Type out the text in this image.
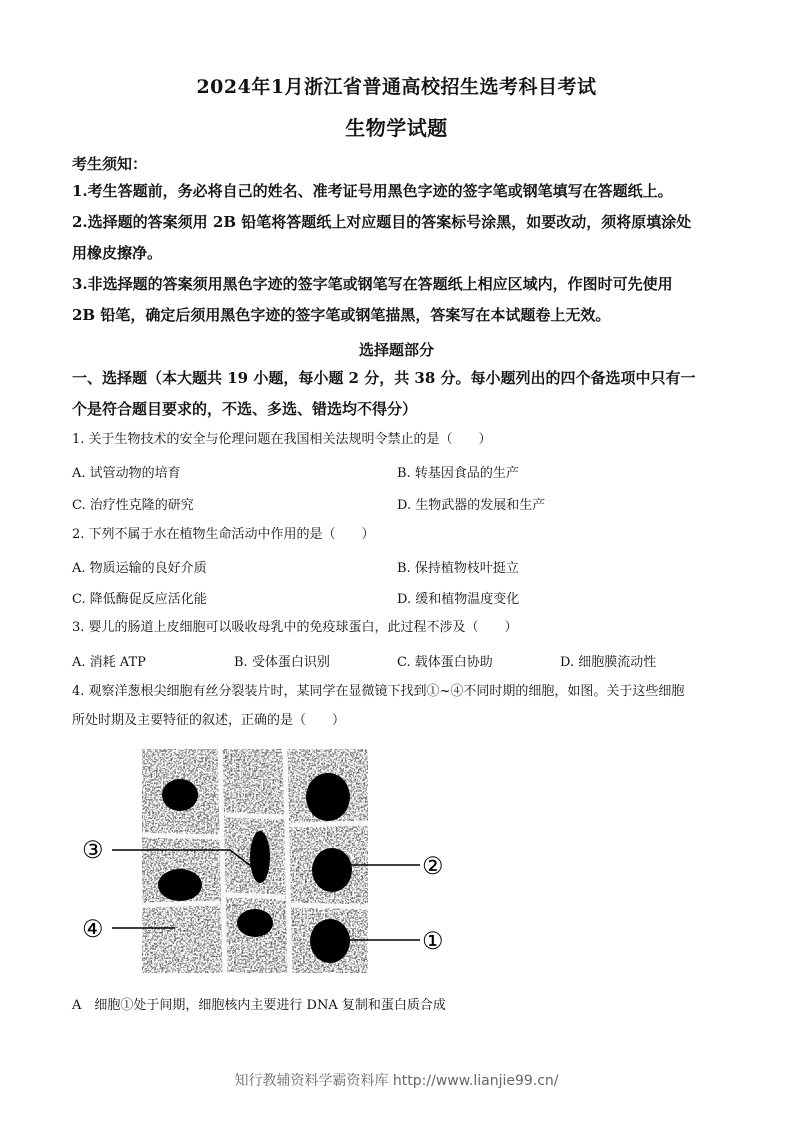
2024年1月浙江省普通高校招生选考科目考试
生物学试题
考生须知：
1.考生答题前，务必将自己的姓名、准考证号用黑色字迹的签字笔或钢笔填写在答题纸上。
2.选择题的答案须用 2B 铅笔将答题纸上对应题目的答案标号涂黑，如要改动，须将原填涂处
用橡皮擦净。
3.非选择题的答案须用黑色字迹的签字笔或钢笔写在答题纸上相应区域内，作图时可先使用
2B 铅笔，确定后须用黑色字迹的签字笔或钢笔描黑，答案写在本试题卷上无效。
选择题部分
一、选择题（本大题共 19 小题，每小题 2 分，共 38 分。每小题列出的四个备选项中只有一
个是符合题目要求的，不选、多选、错选均不得分）
1. 关于生物技术的安全与伦理问题在我国相关法规明令禁止的是（　　）
A. 试管动物的培育	B. 转基因食品的生产
C. 治疗性克隆的研究	D. 生物武器的发展和生产
2. 下列不属于水在植物生命活动中作用的是（　　）
A. 物质运输的良好介质	B. 保持植物枝叶挺立
C. 降低酶促反应活化能	D. 缓和植物温度变化
3. 婴儿的肠道上皮细胞可以吸收母乳中的免疫球蛋白，此过程不涉及（　　）
A. 消耗 ATP	B. 受体蛋白识别	C. 载体蛋白协助	D. 细胞膜流动性
4. 观察洋葱根尖细胞有丝分裂装片时，某同学在显微镜下找到①~④不同时期的细胞，如图。关于这些细胞
所处时期及主要特征的叙述，正确的是（　　）
③
④
②
①
A　细胞①处于间期，细胞核内主要进行 DNA 复制和蛋白质合成
知行教辅资料学霸资料库 http://www.lianjie99.cn/
